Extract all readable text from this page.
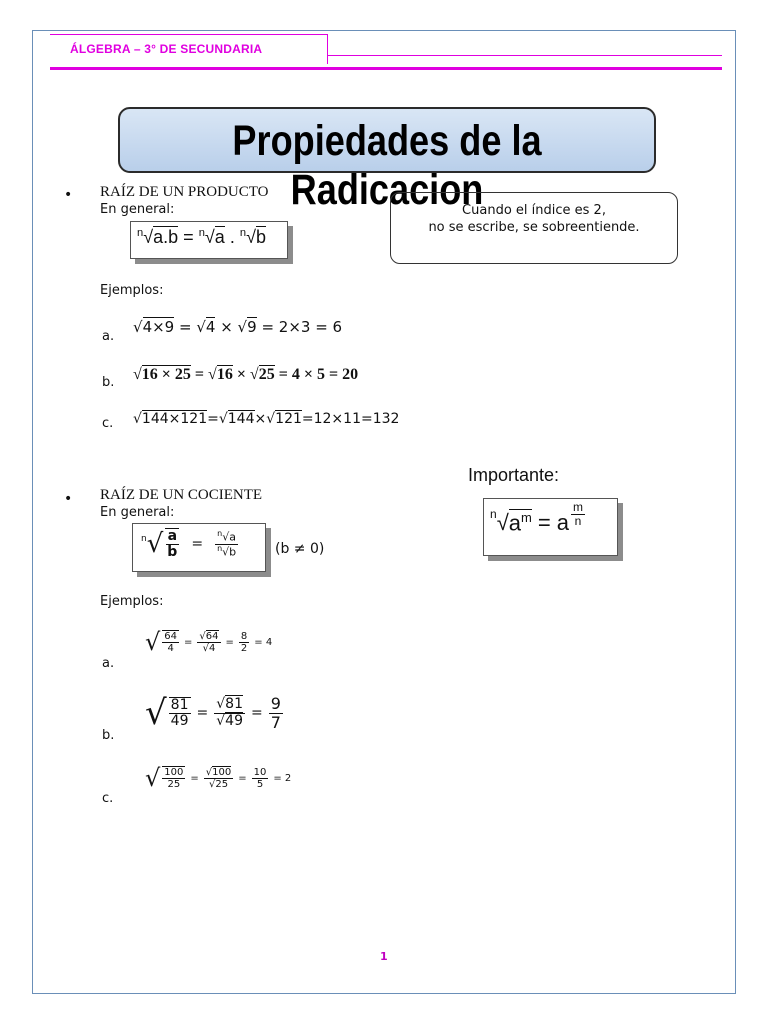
ÁLGEBRA – 3° DE SECUNDARIA
Propiedades de la Radicacion
• RAÍZ DE UN PRODUCTO
En general:
$^n$√a.b = $^n$√a . $^n$√b
Cuando el índice es 2,
no se escribe, se sobreentiende.
Ejemplos:
a.
√4×9 = √4 × √9 = 2×3 = 6
b. √16 × 25 = √16 × √25 = 4 × 5 = 20
c. √144×121=√144×√121=12×11=132
Importante:
n √ $a^m = a \frac{m}{n}$
• RAÍZ DE UN COCIENTE
En general:
n √ $\frac{a}{b} = \frac{^n√a}{^n√b}$	(b ≠ 0)
Ejemplos:
a.
√ $\frac{64}{4} = \frac{√64}{√4} = \frac{8}{2} = 4$
b.
√ $\frac{81}{49} = \frac{√81}{√49} = \frac{9}{7}$
c.
√ $\frac{100}{25} = \frac{√100}{√25} = \frac{10}{5} = 2$
1
